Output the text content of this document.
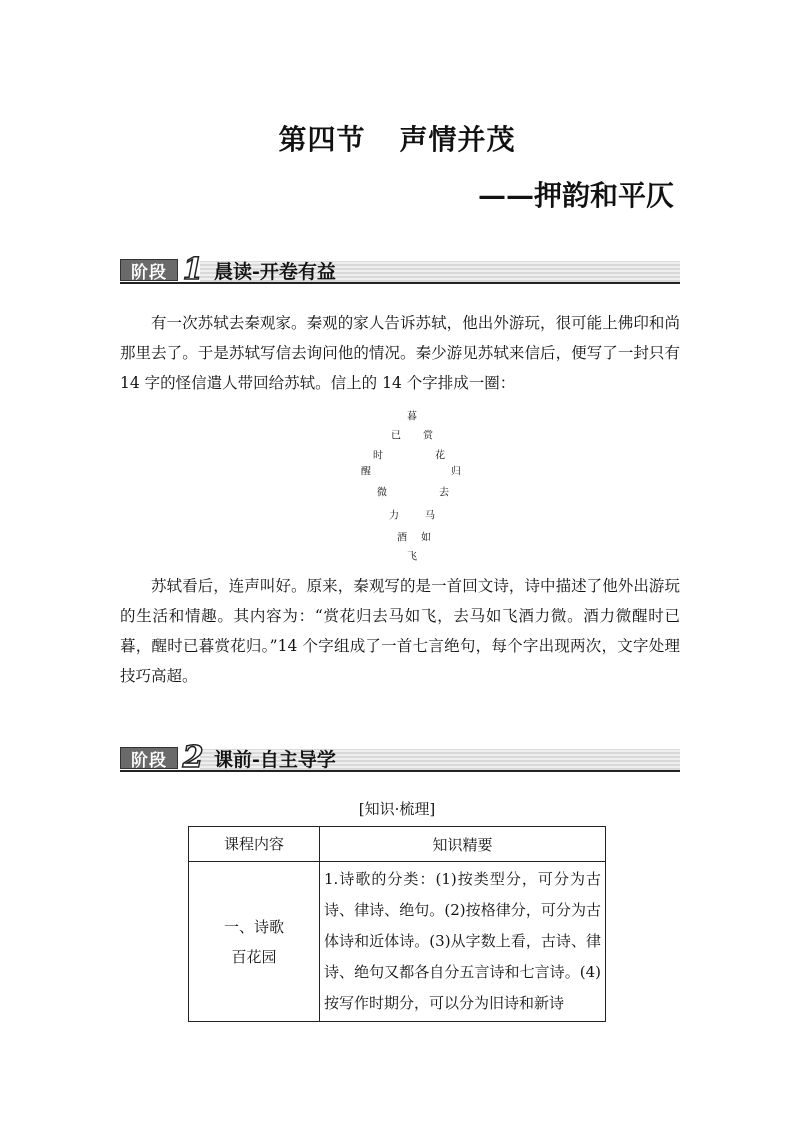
第四节 声情并茂
——押韵和平仄
阶段 1 晨读-开卷有益
有一次苏轼去秦观家。秦观的家人告诉苏轼，他出外游玩，很可能上佛印和尚那里去了。于是苏轼写信去询问他的情况。秦少游见苏轼来信后，便写了一封只有 14 字的怪信遣人带回给苏轼。信上的 14 个字排成一圈：
暮
已 赏
时	花
醒	归
微	去
力	马
酒 如
飞
苏轼看后，连声叫好。原来，秦观写的是一首回文诗，诗中描述了他外出游玩的生活和情趣。其内容为：“赏花归去马如飞，去马如飞酒力微。酒力微醒时已暮，醒时已暮赏花归。”14 个字组成了一首七言绝句，每个字出现两次，文字处理技巧高超。
阶段 2 课前-自主导学
[知识·梳理]
课程内容	知识精要

一、诗歌
百花园	1.诗歌的分类：(1)按类型分，可分为古诗、律诗、绝句。(2)按格律分，可分为古体诗和近体诗。(3)从字数上看，古诗、律诗、绝句又都各自分五言诗和七言诗。(4)按写作时期分，可以分为旧诗和新诗
